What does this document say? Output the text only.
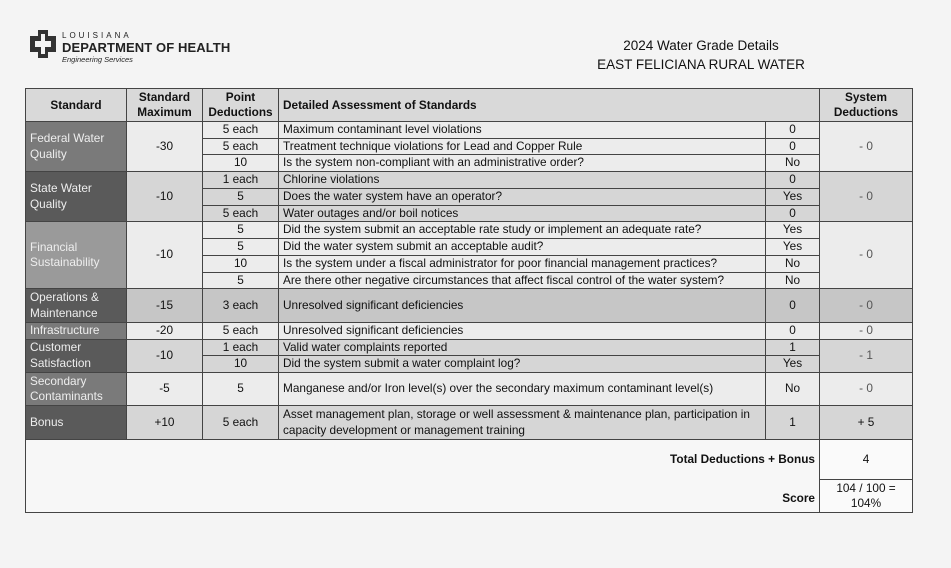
LOUISIANA
DEPARTMENT OF HEALTH
Engineering Services
2024 Water Grade Details
EAST FELICIANA RURAL WATER
Standard	Standard Maximum	Point Deductions	Detailed Assessment of Standards		System Deductions
Federal Water Quality	-30	5 each	Maximum contaminant level violations	0	- 0
		5 each	Treatment technique violations for Lead and Copper Rule	0	
		10	Is the system non-compliant with an administrative order?	No	
State Water Quality	-10	1 each	Chlorine violations	0	- 0
		5	Does the water system have an operator?	Yes	
		5 each	Water outages and/or boil notices	0	
Financial Sustainability	-10	5	Did the system submit an acceptable rate study or implement an adequate rate?	Yes	- 0
		5	Did the water system submit an acceptable audit?	Yes	
		10	Is the system under a fiscal administrator for poor financial management practices?	No	
		5	Are there other negative circumstances that affect fiscal control of the water system?	No	
Operations & Maintenance	-15	3 each	Unresolved significant deficiencies	0	- 0
Infrastructure	-20	5 each	Unresolved significant deficiencies	0	- 0
Customer Satisfaction	-10	1 each	Valid water complaints reported	1	- 1
		10	Did the system submit a water complaint log?	Yes	
Secondary Contaminants	-5	5	Manganese and/or Iron level(s) over the secondary maximum contaminant level(s)	No	- 0
Bonus	+10	5 each	Asset management plan, storage or well assessment & maintenance plan, participation in capacity development or management training	1	+ 5
Total Deductions + Bonus					4
Score					104 / 100 = 104%
